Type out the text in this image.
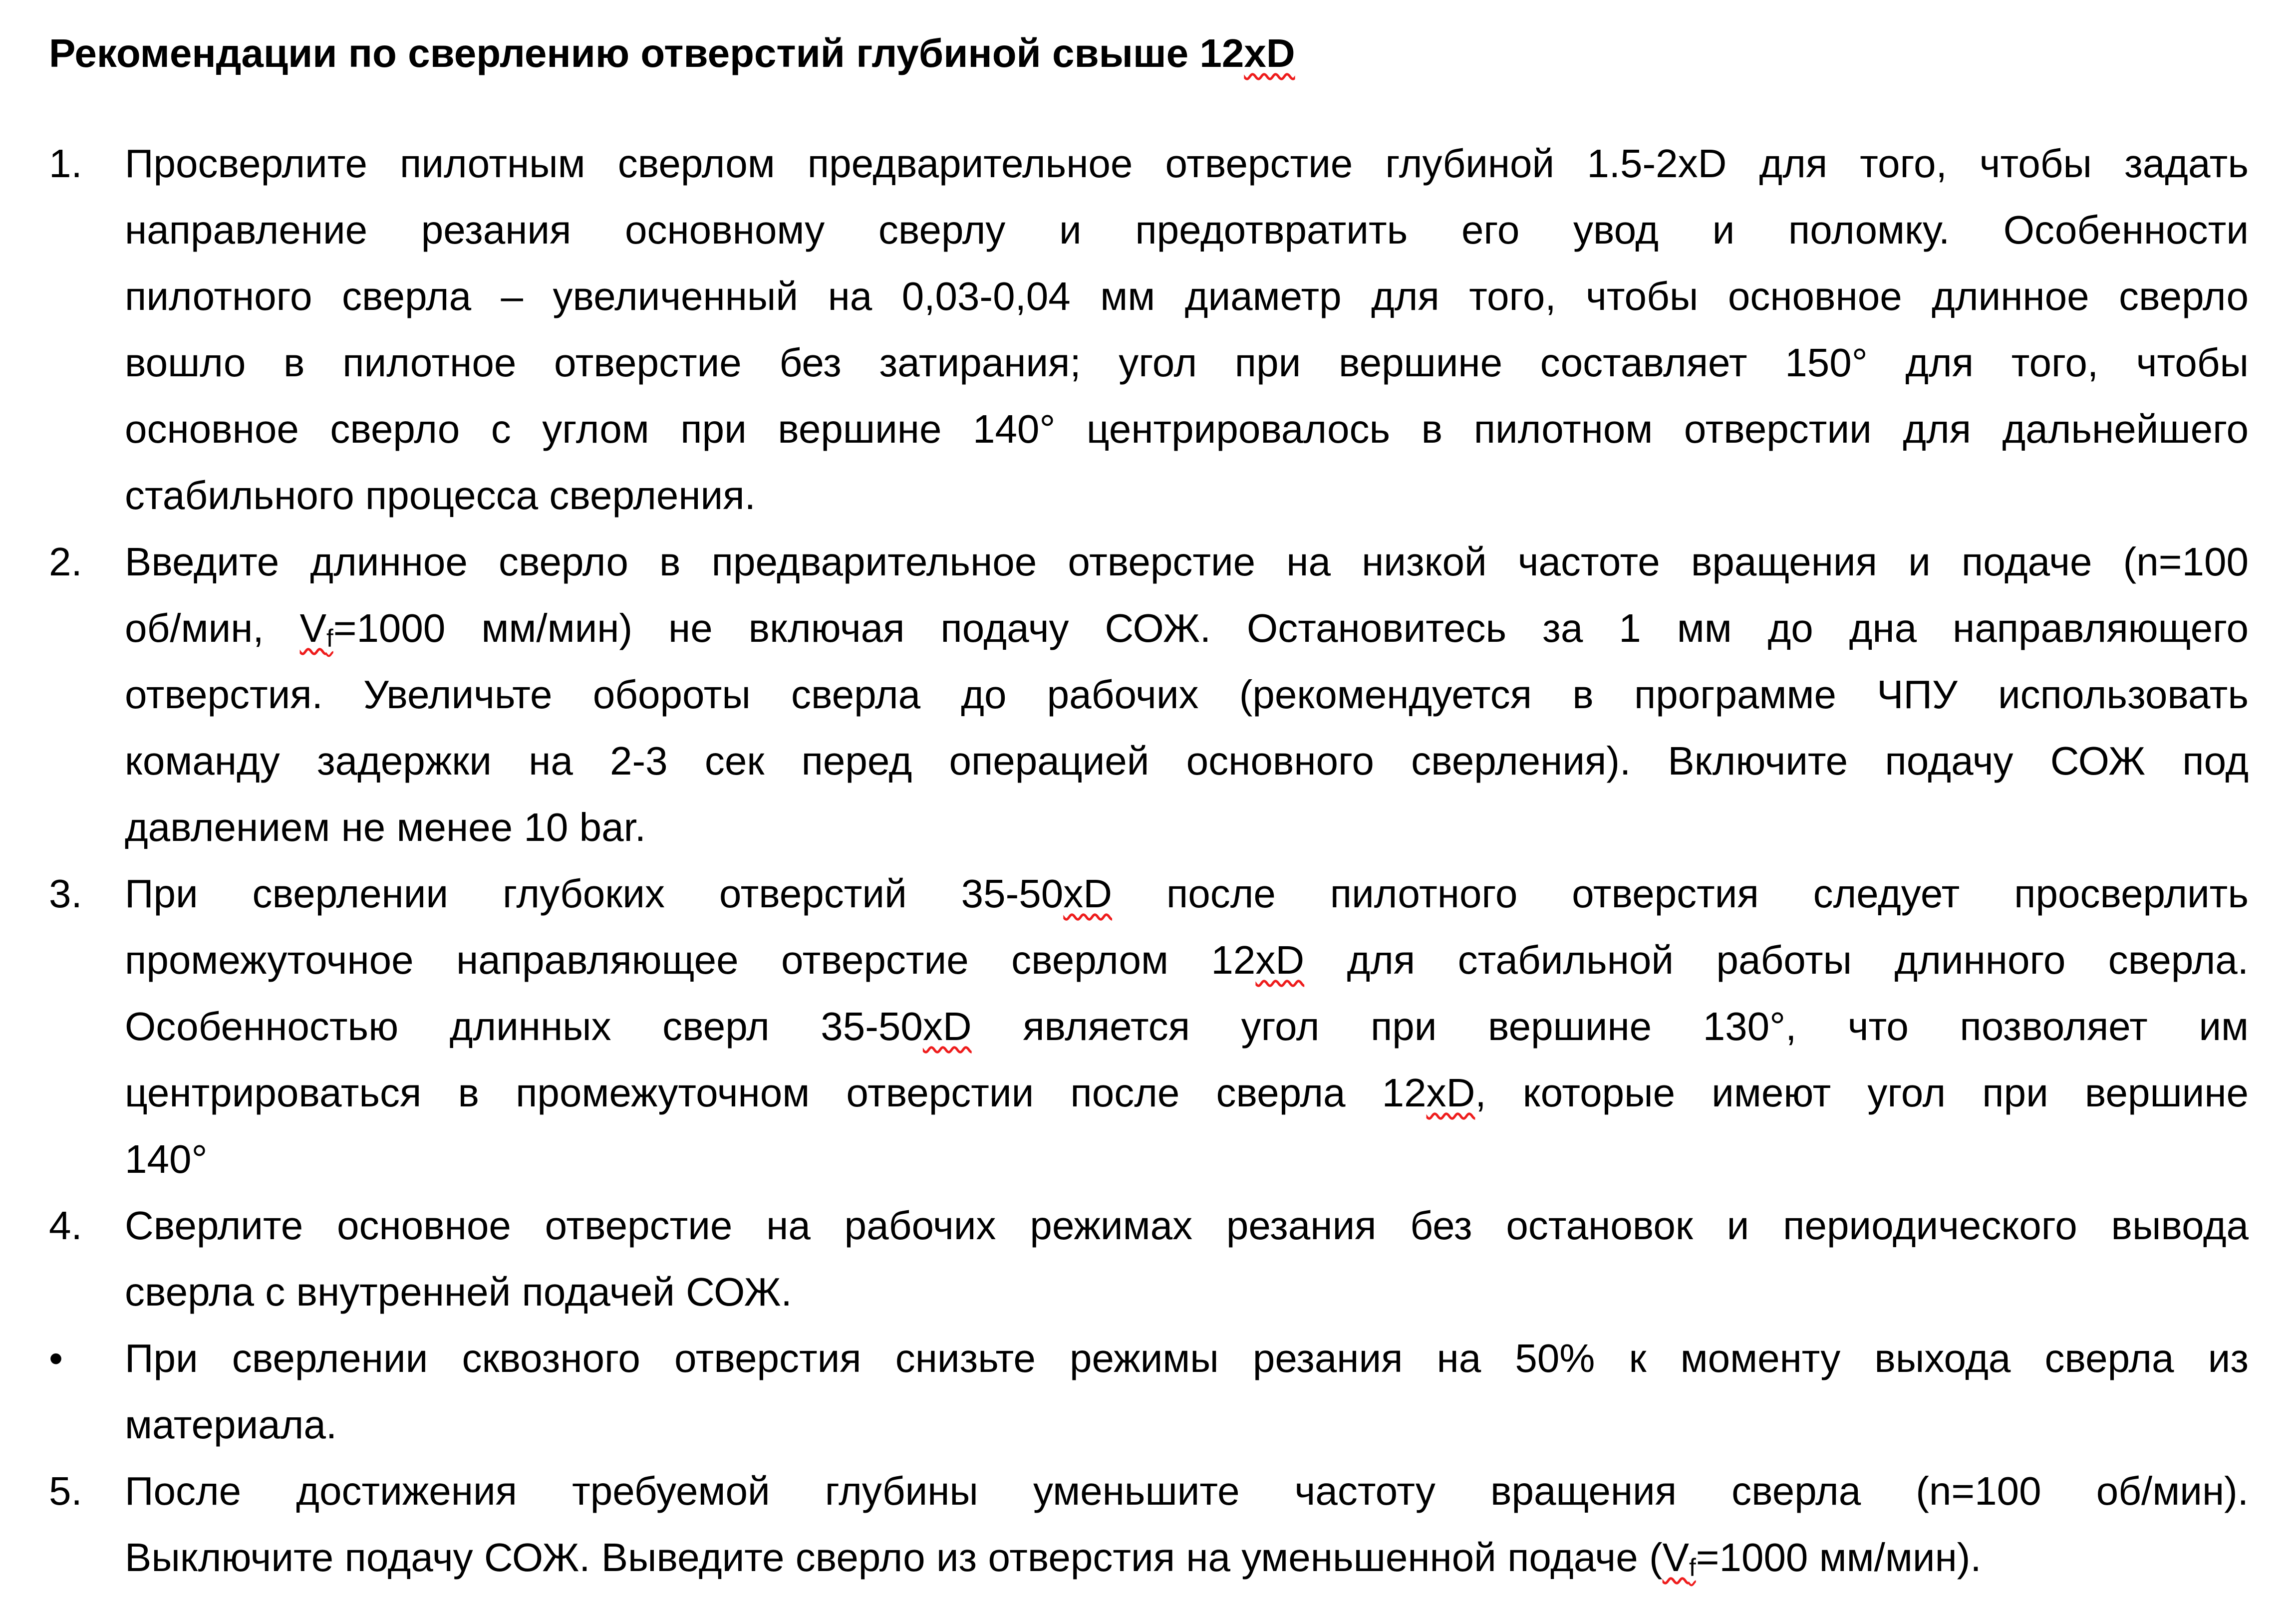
Рекомендации по сверлению отверстий глубиной свыше 12xD
1.	Просверлите пилотным сверлом предварительное отверстие глубиной 1.5-2xD для того, чтобы задать
направление резания основному сверлу и предотвратить его увод и поломку. Особенности
пилотного сверла – увеличенный на 0,03-0,04 мм диаметр для того, чтобы основное длинное сверло
вошло в пилотное отверстие без затирания; угол при вершине составляет 150° для того, чтобы
основное сверло с углом при вершине 140° центрировалось в пилотном отверстии для дальнейшего
стабильного процесса сверления.
2.	Введите длинное сверло в предварительное отверстие на низкой частоте вращения и подаче (n=100
об/мин, Vf=1000 мм/мин) не включая подачу СОЖ. Остановитесь за 1 мм до дна направляющего
отверстия. Увеличьте обороты сверла до рабочих (рекомендуется в программе ЧПУ использовать
команду задержки на 2-3 сек перед операцией основного сверления). Включите подачу СОЖ под
давлением не менее 10 bar.
3.	При сверлении глубоких отверстий 35-50xD после пилотного отверстия следует просверлить
промежуточное направляющее отверстие сверлом 12xD для стабильной работы длинного сверла.
Особенностью длинных сверл 35-50xD является угол при вершине 130°, что позволяет им
центрироваться в промежуточном отверстии после сверла 12xD, которые имеют угол при вершине
140°
4.	Сверлите основное отверстие на рабочих режимах резания без остановок и периодического вывода
сверла с внутренней подачей СОЖ.
•	При сверлении сквозного отверстия снизьте режимы резания на 50% к моменту выхода сверла из
материала.
5.	После достижения требуемой глубины уменьшите частоту вращения сверла (n=100 об/мин).
Выключите подачу СОЖ. Выведите сверло из отверстия на уменьшенной подаче (Vf=1000 мм/мин).
